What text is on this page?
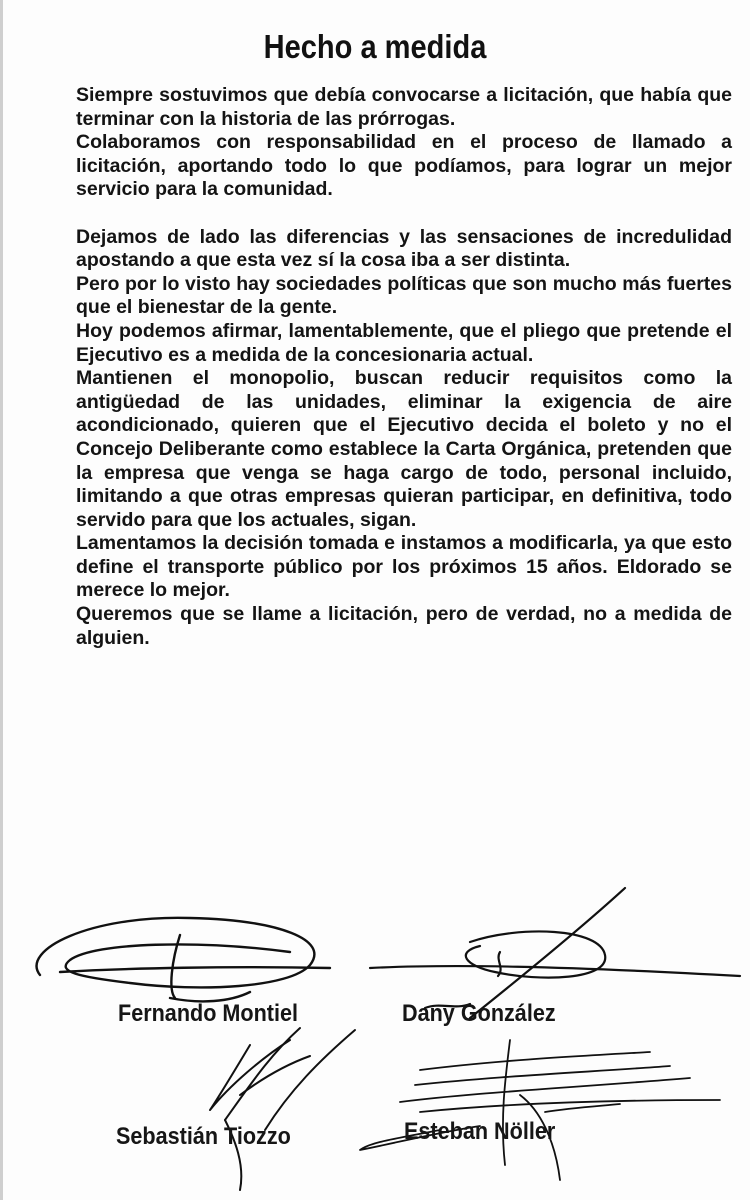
Hecho a medida

Siempre sostuvimos que debía convocarse a licitación, que había que terminar con la historia de las prórrogas.

Colaboramos con responsabilidad en el proceso de llamado a licitación, aportando todo lo que podíamos, para lograr un mejor servicio para la comunidad.

Dejamos de lado las diferencias y las sensaciones de incredulidad apostando a que esta vez sí la cosa iba a ser distinta.

Pero por lo visto hay sociedades políticas que son mucho más fuertes que el bienestar de la gente.

Hoy podemos afirmar, lamentablemente, que el pliego que pretende el Ejecutivo es a medida de la concesionaria actual.

Mantienen el monopolio, buscan reducir requisitos como la antigüedad de las unidades, eliminar la exigencia de aire acondicionado, quieren que el Ejecutivo decida el boleto y no el Concejo Deliberante como establece la Carta Orgánica, pretenden que la empresa que venga se haga cargo de todo, personal incluido, limitando a que otras empresas quieran participar, en definitiva, todo servido para que los actuales, sigan.

Lamentamos la decisión tomada e instamos a modificarla, ya que esto define el transporte público por los próximos 15 años. Eldorado se merece lo mejor.

Queremos que se llame a licitación, pero de verdad, no a medida de alguien.

Fernando Montiel	Dany González
Sebastián Tiozzo	Esteban Nöller
